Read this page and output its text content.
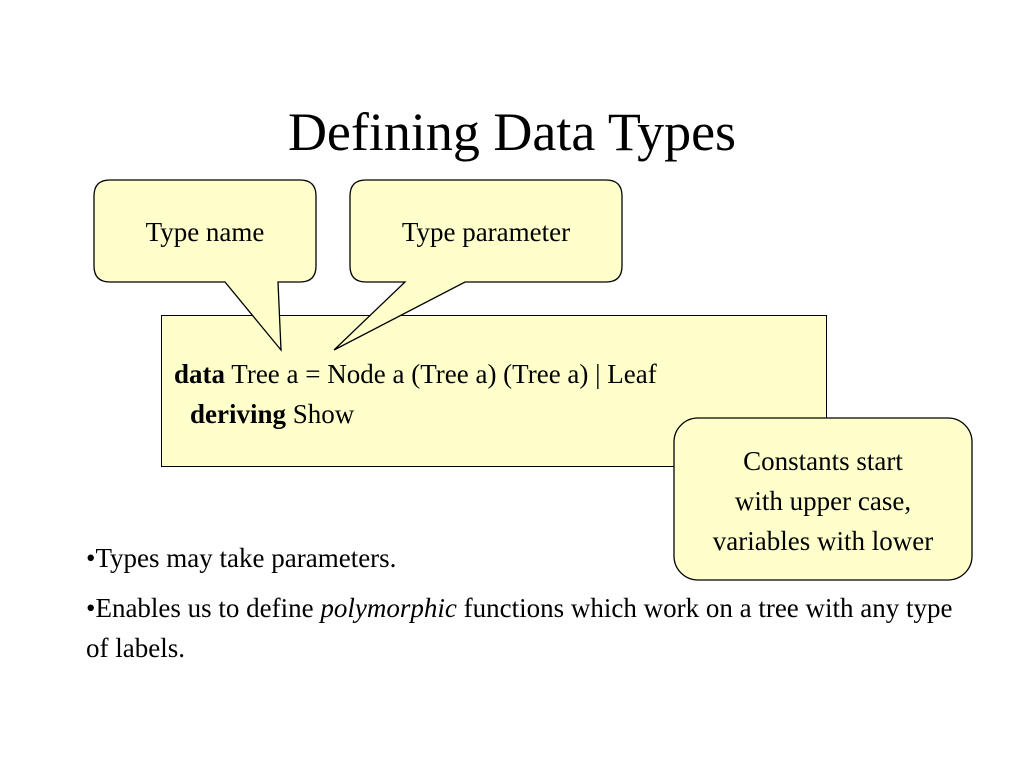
Defining Data Types
data Tree a = Node a (Tree a) (Tree a) | Leaf
deriving Show
Type name	Type parameter
Constants start
with upper case,
variables with lower
•Types may take parameters.
•Enables us to define polymorphic functions which work on a tree with any type of labels.
